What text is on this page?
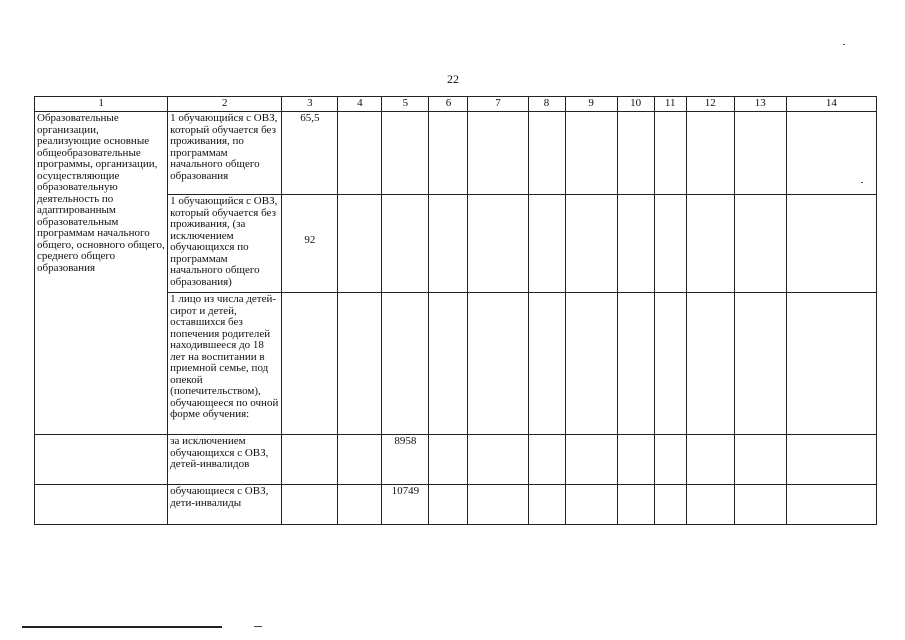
22
1	2	3	4	5	6	7	8	9	10	11	12	13	14
Образовательные организации, реализующие основные общеобразовательные программы, организации, осуществляющие образовательную деятельность по адаптированным образовательным программам начального общего, основного общего, среднего общего образования	1 обучающийся с ОВЗ, который обучается без проживания, по программам начального общего образования	65,5											
	1 обучающийся с ОВЗ, который обучается без проживания, (за исключением обучающихся по программам начального общего образования)	92											
	1 лицо из числа детей-сирот и детей, оставшихся без попечения родителей находившееся до 18 лет на воспитании в приемной семье, под опекой (попечительством), обучающееся по очной форме обучения:												
	за исключением обучающихся с ОВЗ, детей-инвалидов			8958									
	обучающиеся с ОВЗ, дети-инвалиды			10749									
